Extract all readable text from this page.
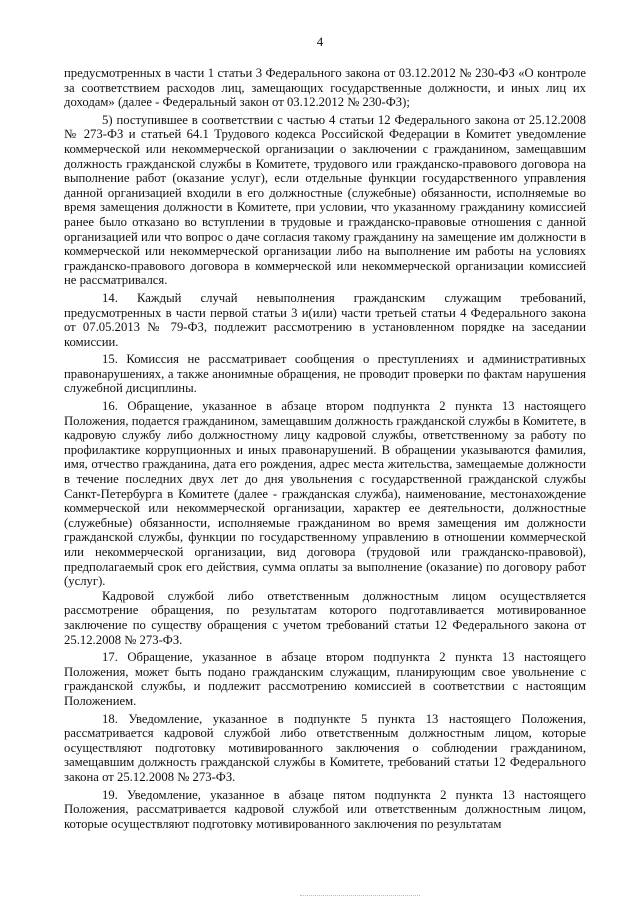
4

предусмотренных в части 1 статьи 3 Федерального закона от 03.12.2012 № 230-ФЗ «О контроле за соответствием расходов лиц, замещающих государственные должности, и иных лиц их доходам» (далее - Федеральный закон от 03.12.2012 № 230-ФЗ);

5) поступившее в соответствии с частью 4 статьи 12 Федерального закона от 25.12.2008 № 273-ФЗ и статьей 64.1 Трудового кодекса Российской Федерации в Комитет уведомление коммерческой или некоммерческой организации о заключении с гражданином, замещавшим должность гражданской службы в Комитете, трудового или гражданско-правового договора на выполнение работ (оказание услуг), если отдельные функции государственного управления данной организацией входили в его должностные (служебные) обязанности, исполняемые во время замещения должности в Комитете, при условии, что указанному гражданину комиссией ранее было отказано во вступлении в трудовые и гражданско-правовые отношения с данной организацией или что вопрос о даче согласия такому гражданину на замещение им должности в коммерческой или некоммерческой организации либо на выполнение им работы на условиях гражданско-правового договора в коммерческой или некоммерческой организации комиссией не рассматривался.

14. Каждый случай невыполнения гражданским служащим требований, предусмотренных в части первой статьи 3 и(или) части третьей статьи 4 Федерального закона от 07.05.2013 № 79-ФЗ, подлежит рассмотрению в установленном порядке на заседании комиссии.

15. Комиссия не рассматривает сообщения о преступлениях и административных правонарушениях, а также анонимные обращения, не проводит проверки по фактам нарушения служебной дисциплины.

16. Обращение, указанное в абзаце втором подпункта 2 пункта 13 настоящего Положения, подается гражданином, замещавшим должность гражданской службы в Комитете, в кадровую службу либо должностному лицу кадровой службы, ответственному за работу по профилактике коррупционных и иных правонарушений. В обращении указываются фамилия, имя, отчество гражданина, дата его рождения, адрес места жительства, замещаемые должности в течение последних двух лет до дня увольнения с государственной гражданской службы Санкт-Петербурга в Комитете (далее - гражданская служба), наименование, местонахождение коммерческой или некоммерческой организации, характер ее деятельности, должностные (служебные) обязанности, исполняемые гражданином во время замещения им должности гражданской службы, функции по государственному управлению в отношении коммерческой или некоммерческой организации, вид договора (трудовой или гражданско-правовой), предполагаемый срок его действия, сумма оплаты за выполнение (оказание) по договору работ (услуг).

Кадровой службой либо ответственным должностным лицом осуществляется рассмотрение обращения, по результатам которого подготавливается мотивированное заключение по существу обращения с учетом требований статьи 12 Федерального закона от 25.12.2008 № 273-ФЗ.

17. Обращение, указанное в абзаце втором подпункта 2 пункта 13 настоящего Положения, может быть подано гражданским служащим, планирующим свое увольнение с гражданской службы, и подлежит рассмотрению комиссией в соответствии с настоящим Положением.

18. Уведомление, указанное в подпункте 5 пункта 13 настоящего Положения, рассматривается кадровой службой либо ответственным должностным лицом, которые осуществляют подготовку мотивированного заключения о соблюдении гражданином, замещавшим должность гражданской службы в Комитете, требований статьи 12 Федерального закона от 25.12.2008 № 273-ФЗ.

19. Уведомление, указанное в абзаце пятом подпункта 2 пункта 13 настоящего Положения, рассматривается кадровой службой или ответственным должностным лицом, которые осуществляют подготовку мотивированного заключения по результатам
